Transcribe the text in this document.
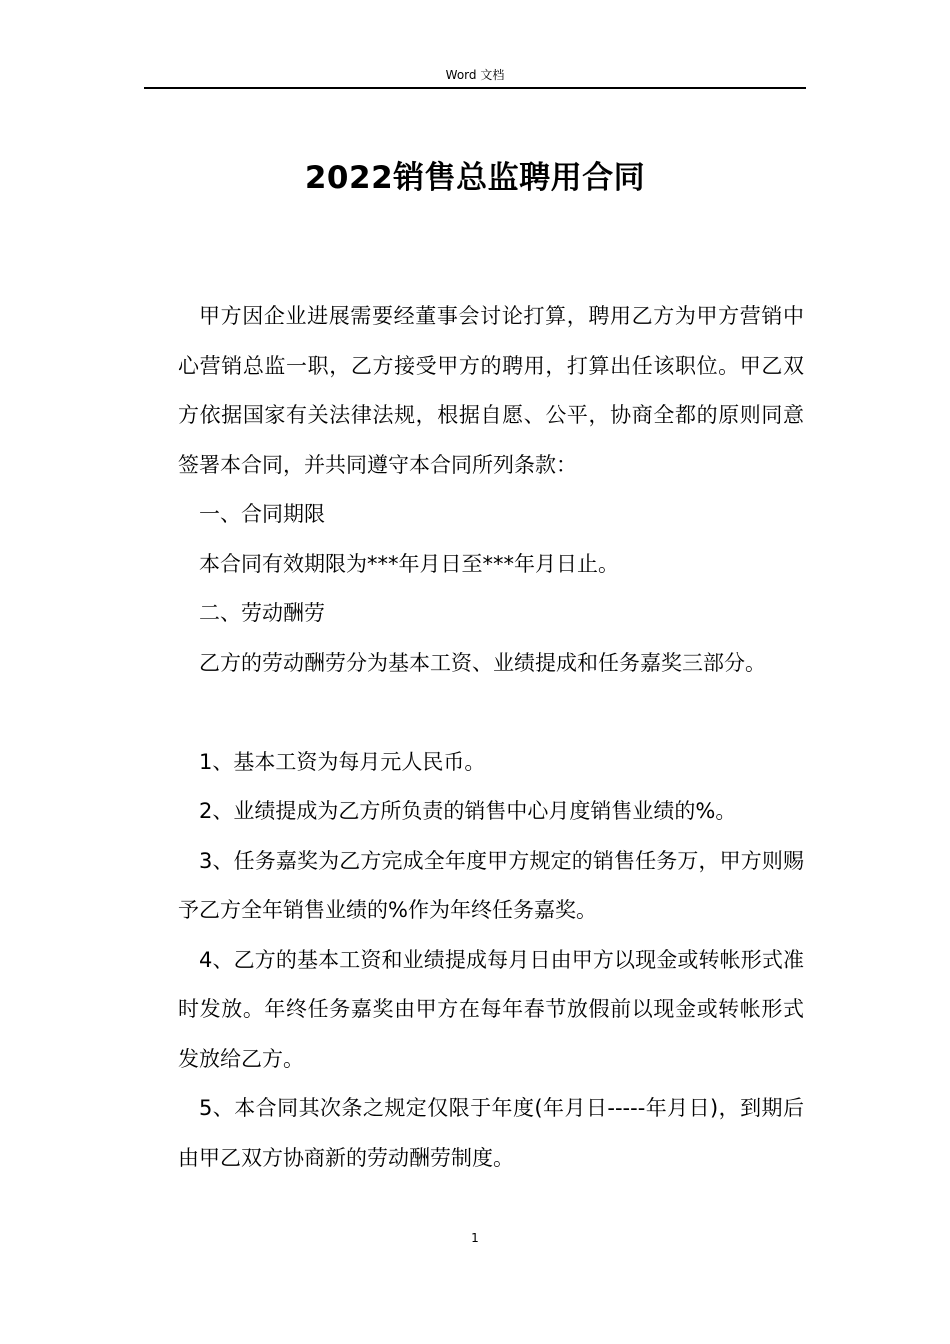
Word 文档
2022销售总监聘用合同

甲方因企业进展需要经董事会讨论打算，聘用乙方为甲方营销中心营销总监一职，乙方接受甲方的聘用，打算出任该职位。甲乙双方依据国家有关法律法规，根据自愿、公平，协商全都的原则同意签署本合同，并共同遵守本合同所列条款：

一、合同期限

本合同有效期限为***年月日至***年月日止。

二、劳动酬劳

乙方的劳动酬劳分为基本工资、业绩提成和任务嘉奖三部分。

1、基本工资为每月元人民币。

2、业绩提成为乙方所负责的销售中心月度销售业绩的%。

3、任务嘉奖为乙方完成全年度甲方规定的销售任务万，甲方则赐予乙方全年销售业绩的%作为年终任务嘉奖。

4、乙方的基本工资和业绩提成每月日由甲方以现金或转帐形式准时发放。年终任务嘉奖由甲方在每年春节放假前以现金或转帐形式发放给乙方。

5、本合同其次条之规定仅限于年度(年月日-----年月日)，到期后由甲乙双方协商新的劳动酬劳制度。

1
